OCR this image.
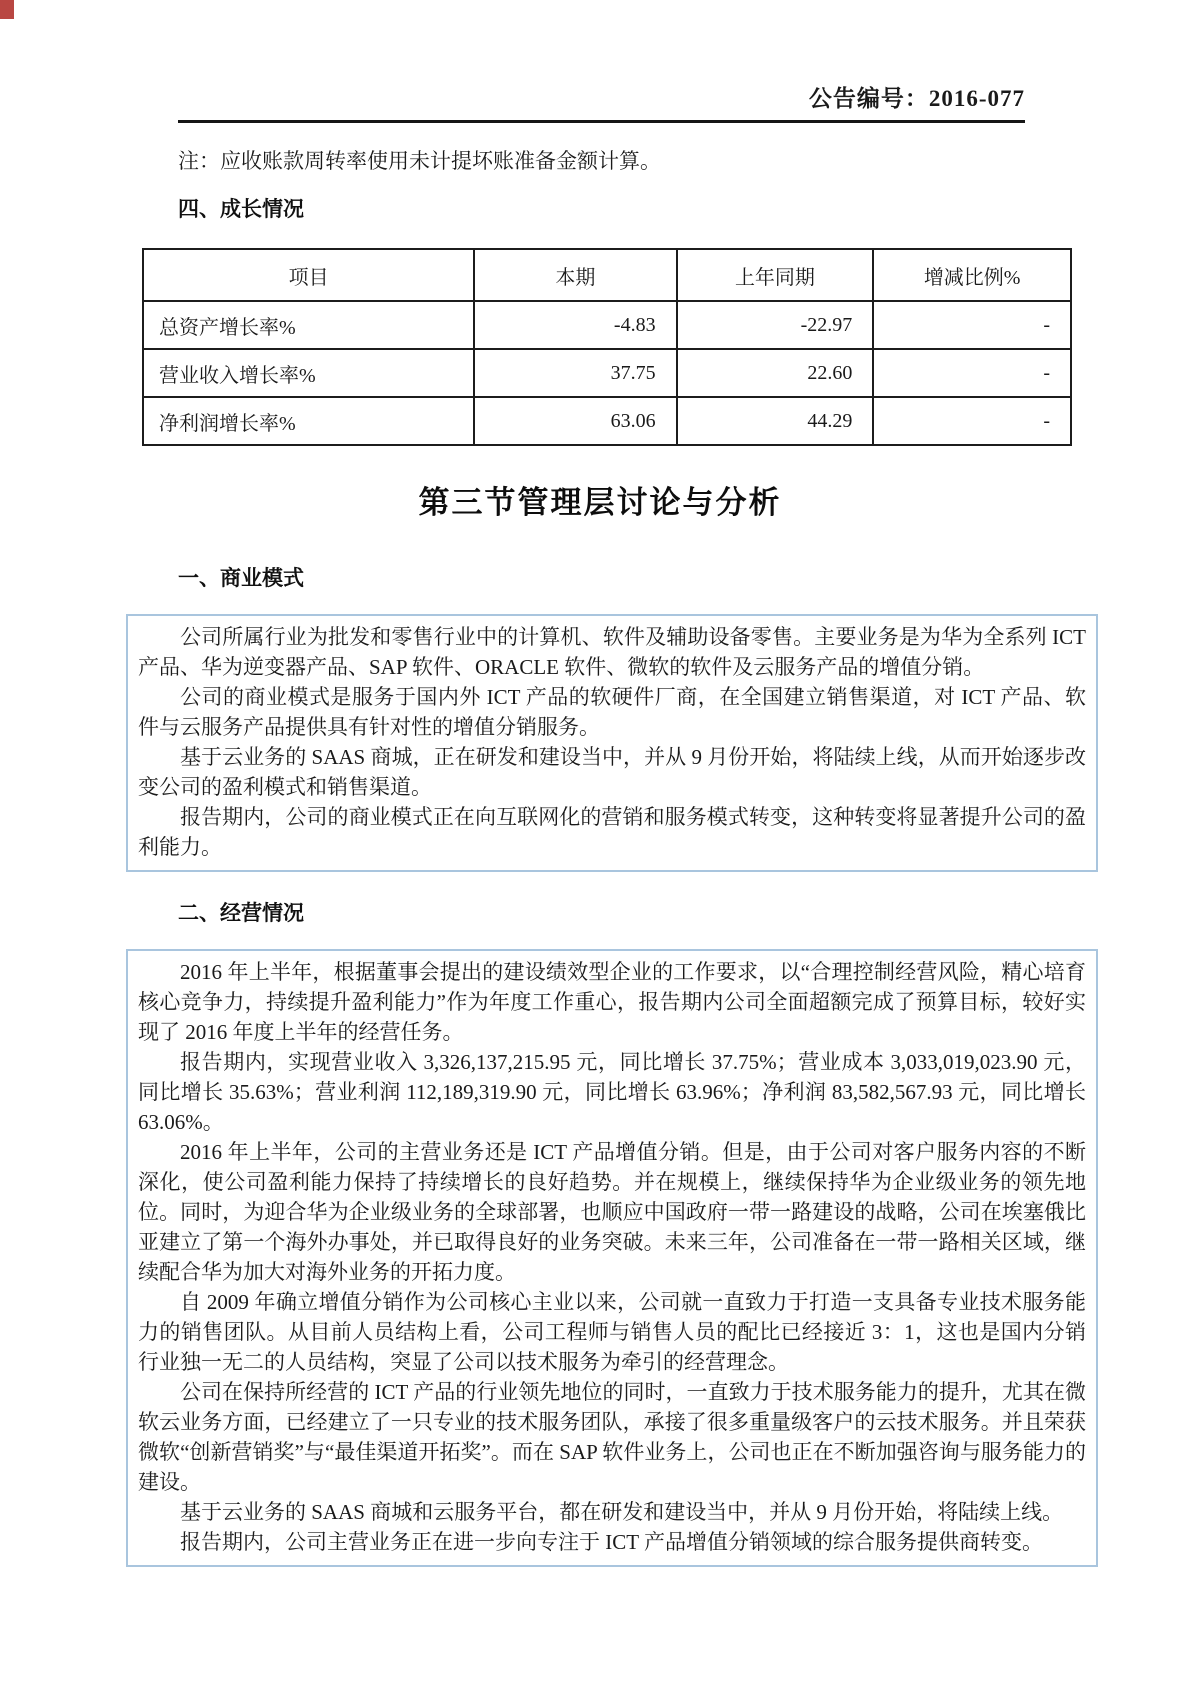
公告编号：2016-077

注：应收账款周转率使用未计提坏账准备金额计算。

四、成长情况
项目	本期	上年同期	增减比例%
总资产增长率%	-4.83	-22.97	-
营业收入增长率%	37.75	22.60	-
净利润增长率%	63.06	44.29	-
第三节管理层讨论与分析
一、商业模式

公司所属行业为批发和零售行业中的计算机、软件及辅助设备零售。主要业务是为华为全系列 ICT 产品、华为逆变器产品、SAP 软件、ORACLE 软件、微软的软件及云服务产品的增值分销。

公司的商业模式是服务于国内外 ICT 产品的软硬件厂商，在全国建立销售渠道，对 ICT 产品、软件与云服务产品提供具有针对性的增值分销服务。

基于云业务的 SAAS 商城，正在研发和建设当中，并从 9 月份开始，将陆续上线，从而开始逐步改变公司的盈利模式和销售渠道。

报告期内，公司的商业模式正在向互联网化的营销和服务模式转变，这种转变将显著提升公司的盈利能力。

二、经营情况

2016 年上半年，根据董事会提出的建设绩效型企业的工作要求，以“合理控制经营风险，精心培育核心竞争力，持续提升盈利能力”作为年度工作重心，报告期内公司全面超额完成了预算目标，较好实现了 2016 年度上半年的经营任务。

报告期内，实现营业收入 3,326,137,215.95 元，同比增长 37.75%；营业成本 3,033,019,023.90 元，同比增长 35.63%；营业利润 112,189,319.90 元，同比增长 63.96%；净利润 83,582,567.93 元，同比增长 63.06%。

2016 年上半年，公司的主营业务还是 ICT 产品增值分销。但是，由于公司对客户服务内容的不断深化，使公司盈利能力保持了持续增长的良好趋势。并在规模上，继续保持华为企业级业务的领先地位。同时，为迎合华为企业级业务的全球部署，也顺应中国政府一带一路建设的战略，公司在埃塞俄比亚建立了第一个海外办事处，并已取得良好的业务突破。未来三年，公司准备在一带一路相关区域，继续配合华为加大对海外业务的开拓力度。

自 2009 年确立增值分销作为公司核心主业以来，公司就一直致力于打造一支具备专业技术服务能力的销售团队。从目前人员结构上看，公司工程师与销售人员的配比已经接近 3：1，这也是国内分销行业独一无二的人员结构，突显了公司以技术服务为牵引的经营理念。

公司在保持所经营的 ICT 产品的行业领先地位的同时，一直致力于技术服务能力的提升，尤其在微软云业务方面，已经建立了一只专业的技术服务团队，承接了很多重量级客户的云技术服务。并且荣获微软“创新营销奖”与“最佳渠道开拓奖”。而在 SAP 软件业务上，公司也正在不断加强咨询与服务能力的建设。

基于云业务的 SAAS 商城和云服务平台，都在研发和建设当中，并从 9 月份开始，将陆续上线。

报告期内，公司主营业务正在进一步向专注于 ICT 产品增值分销领域的综合服务提供商转变。
